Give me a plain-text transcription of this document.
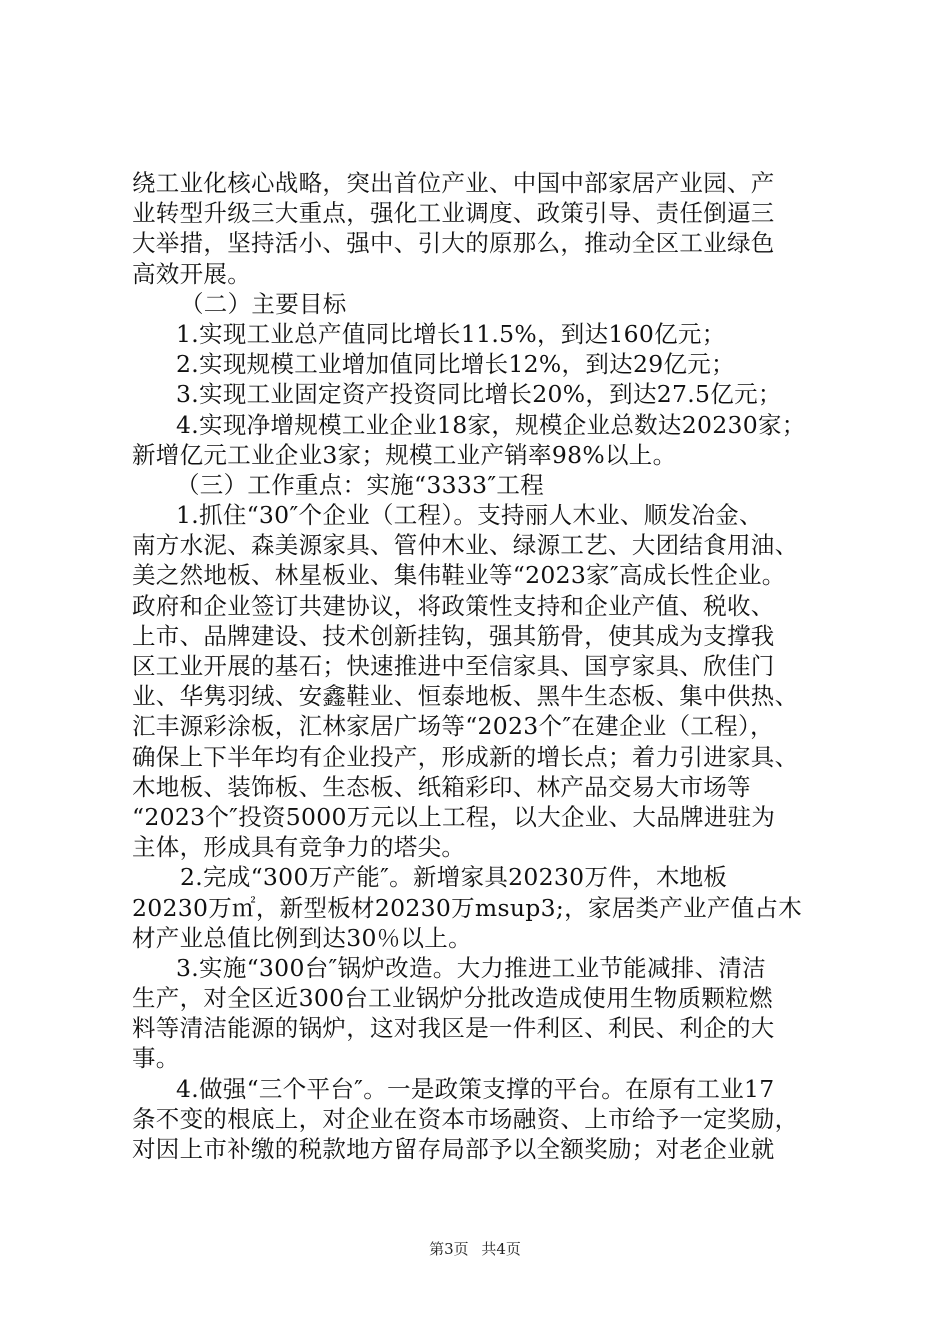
绕工业化核心战略，突出首位产业、中国中部家居产业园、产
业转型升级三大重点，强化工业调度、政策引导、责任倒逼三
大举措，坚持活小、强中、引大的原那么，推动全区工业绿色
高效开展。
（二）主要目标
1.实现工业总产值同比增长11.5%，到达160亿元；
2.实现规模工业增加值同比增长12%，到达29亿元；
3.实现工业固定资产投资同比增长20%，到达27.5亿元；
4.实现净增规模工业企业18家，规模企业总数达20230家；
新增亿元工业企业3家；规模工业产销率98%以上。
（三）工作重点：实施“3333″工程
1.抓住“30″个企业（工程）。支持丽人木业、顺发冶金、
南方水泥、森美源家具、管仲木业、绿源工艺、大团结食用油、
美之然地板、林星板业、集伟鞋业等“2023家″高成长性企业。
政府和企业签订共建协议，将政策性支持和企业产值、税收、
上市、品牌建设、技术创新挂钩，强其筋骨，使其成为支撑我
区工业开展的基石；快速推进中至信家具、国亨家具、欣佳门
业、华隽羽绒、安鑫鞋业、恒泰地板、黑牛生态板、集中供热、
汇丰源彩涂板，汇林家居广场等“2023个″在建企业（工程），
确保上下半年均有企业投产，形成新的增长点；着力引进家具、
木地板、装饰板、生态板、纸箱彩印、林产品交易大市场等
“2023个″投资5000万元以上工程，以大企业、大品牌进驻为
主体，形成具有竞争力的塔尖。
2.完成“300万产能″。新增家具20230万件，木地板
20230万㎡，新型板材20230万msup3;，家居类产业产值占木
材产业总值比例到达30％以上。
3.实施“300台″锅炉改造。大力推进工业节能减排、清洁
生产，对全区近300台工业锅炉分批改造成使用生物质颗粒燃
料等清洁能源的锅炉，这对我区是一件利区、利民、利企的大
事。
4.做强“三个平台″。一是政策支撑的平台。在原有工业17
条不变的根底上，对企业在资本市场融资、上市给予一定奖励，
对因上市补缴的税款地方留存局部予以全额奖励；对老企业就
第3页 共4页
